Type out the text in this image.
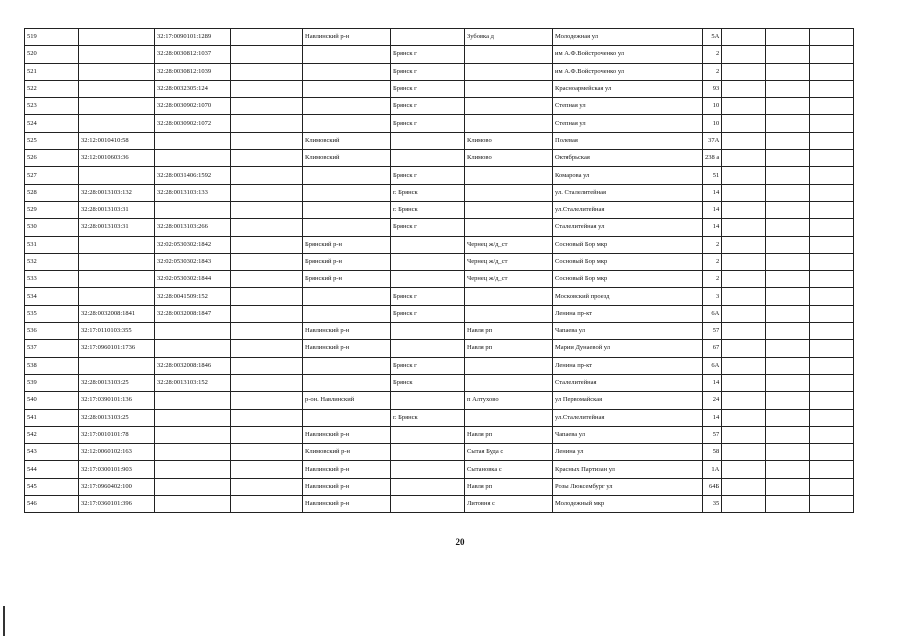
519		32:17:0090101:1289		Навлинский р-н		Зубовка д	Молодежная ул	5А			
520		32:28:0030812:1037			Брянск г		им А.Ф.Войстроченко ул	2			
521		32:28:0030812:1039			Брянск г		им А.Ф.Войстроченко ул	2			
522		32:28:0032305:124			Брянск г		Красноармейская ул	93			
523		32:28:0030902:1070			Брянск г		Степная ул	10			
524		32:28:0030902:1072			Брянск г		Степная ул	10			
525	32:12:0010410:58			Климовский		Климово	Полевая	37А			
526	32:12:0010603:36			Климовский		Климово	Октябрьская	238 а			
527		32:28:0031406:1592			Брянск г		Комарова ул	51			
528	32:28:0013103:132	32:28:0013103:133			г. Брянск		ул. Сталелитейная	14			
529	32:28:0013103:31				г. Брянск		ул.Сталелитейная	14			
530	32:28:0013103:31	32:28:0013103:266			Брянск г		Сталелитейная ул	14			
531		32:02:0530302:1842		Брянский р-н		Чернец ж/д_ст	Сосновый Бор мкр	2			
532		32:02:0530302:1843		Брянский р-н		Чернец ж/д_ст	Сосновый Бор мкр	2			
533		32:02:0530302:1844		Брянский р-н		Чернец ж/д_ст	Сосновый Бор мкр	2			
534		32:28:0041509:152			Брянск г		Московский проезд	3			
535	32:28:0032008:1841	32:28:0032008:1847			Брянск г		Ленина пр-кт	6А			
536	32:17:0110103:355			Навлинский р-н		Навля рп	Чапаева ул	57			
537	32:17:0960101:1736			Навлинский р-н		Навля рп	Марии Дунаевой ул	67			
538		32:28:0032008:1846			Брянск г		Ленина пр-кт	6А			
539	32:28:0013103:25	32:28:0013103:152			Брянск		Сталелитейная	14			
540	32:17:0390101:136			р-он. Навлинский		п Алтухово	ул Первомайская	24			
541	32:28:0013103:25				г. Брянск		ул.Сталелитейная	14			
542	32:17:0010101:78			Навлинский р-н		Навля рп	Чапаева ул	57			
543	32:12:0060102:163			Климовский р-н		Сытая Буда с	Ленина ул	58			
544	32:17:0300101:903			Навлинский р-н		Сытановка с	Красных Партизан ул	1А			
545	32:17:0960402:100			Навлинский р-н		Навля рп	Розы Люксембург ул	64Б			
546	32:17:0360101:396			Навлинский р-н		Литовня с	Молодежный мкр	35			
20
